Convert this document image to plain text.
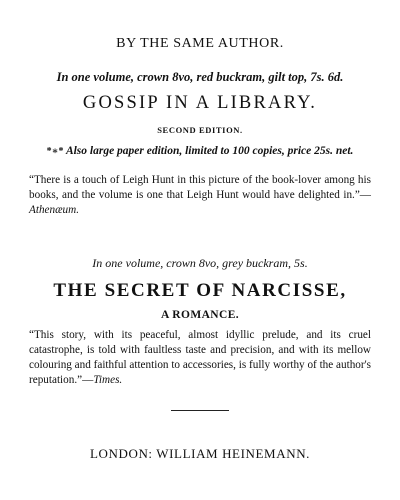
BY THE SAME AUTHOR.
In one volume, crown 8vo, red buckram, gilt top, 7s. 6d.
GOSSIP IN A LIBRARY.
SECOND EDITION.
*∗* Also large paper edition, limited to 100 copies, price 25s. net.
“There is a touch of Leigh Hunt in this picture of the book-lover among his books, and the volume is one that Leigh Hunt would have delighted in.”—Athenæum.
In one volume, crown 8vo, grey buckram, 5s.
THE SECRET OF NARCISSE,
A ROMANCE.
“This story, with its peaceful, almost idyllic prelude, and its cruel catastrophe, is told with faultless taste and precision, and with its mellow colouring and faithful attention to accessories, is fully worthy of the author's reputation.”—Times.
LONDON: WILLIAM HEINEMANN.
